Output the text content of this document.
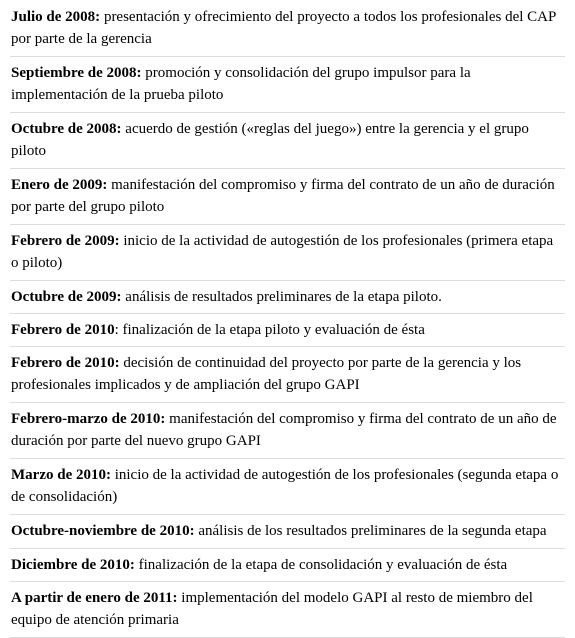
Julio de 2008: presentación y ofrecimiento del proyecto a todos los profesionales del CAP por parte de la gerencia
Septiembre de 2008: promoción y consolidación del grupo impulsor para la implementación de la prueba piloto
Octubre de 2008: acuerdo de gestión («reglas del juego») entre la gerencia y el grupo piloto
Enero de 2009: manifestación del compromiso y firma del contrato de un año de duración por parte del grupo piloto
Febrero de 2009: inicio de la actividad de autogestión de los profesionales (primera etapa o piloto)
Octubre de 2009: análisis de resultados preliminares de la etapa piloto.
Febrero de 2010: finalización de la etapa piloto y evaluación de ésta
Febrero de 2010: decisión de continuidad del proyecto por parte de la gerencia y los profesionales implicados y de ampliación del grupo GAPI
Febrero-marzo de 2010: manifestación del compromiso y firma del contrato de un año de duración por parte del nuevo grupo GAPI
Marzo de 2010: inicio de la actividad de autogestión de los profesionales (segunda etapa o de consolidación)
Octubre-noviembre de 2010: análisis de los resultados preliminares de la segunda etapa
Diciembre de 2010: finalización de la etapa de consolidación y evaluación de ésta
A partir de enero de 2011: implementación del modelo GAPI al resto de miembro del equipo de atención primaria
